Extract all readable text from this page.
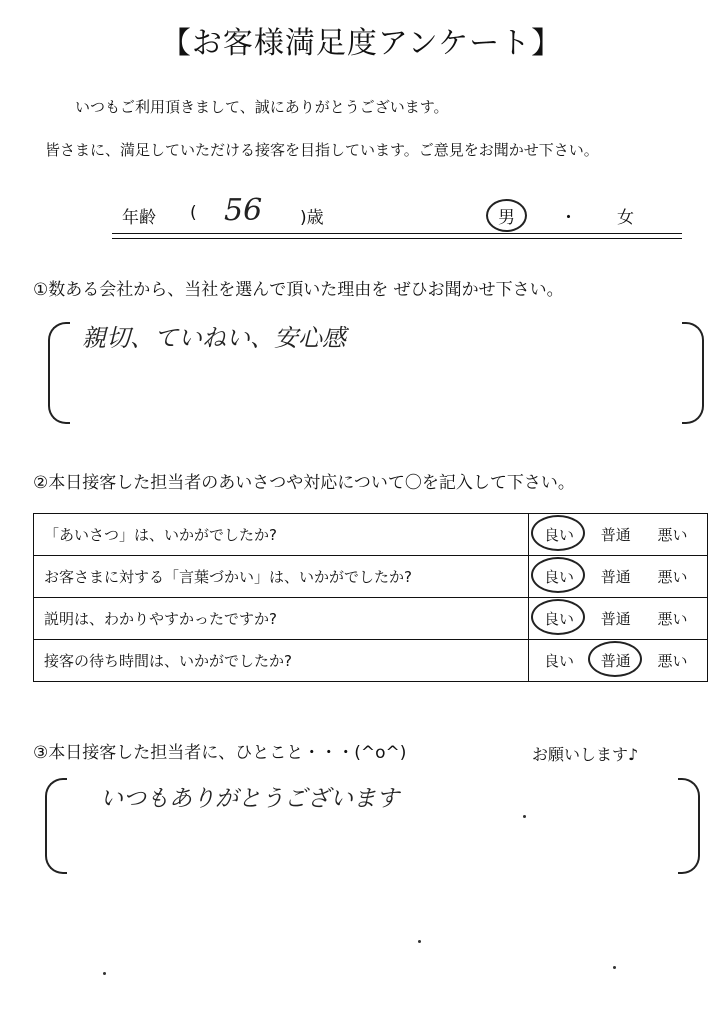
【お客様満足度アンケート】
いつもご利用頂きまして、誠にありがとうございます。
皆さまに、満足していただける接客を目指しています。ご意見をお聞かせ下さい。
年齢 ( 56 )歳	男	・ 女
①数ある会社から、当社を選んで頂いた理由を ぜひお聞かせ下さい。
親切、ていねい、安心感
②本日接客した担当者のあいさつや対応について〇を記入して下さい。
「あいさつ」は、いかがでしたか?	良い 普通 悪い
お客さまに対する「言葉づかい」は、いかがでしたか?	良い 普通 悪い
説明は、わかりやすかったですか?	良い 普通 悪い
接客の待ち時間は、いかがでしたか?	良い 普通 悪い
③本日接客した担当者に、ひとこと・・・(^o^)	お願いします♪
いつもありがとうございます
